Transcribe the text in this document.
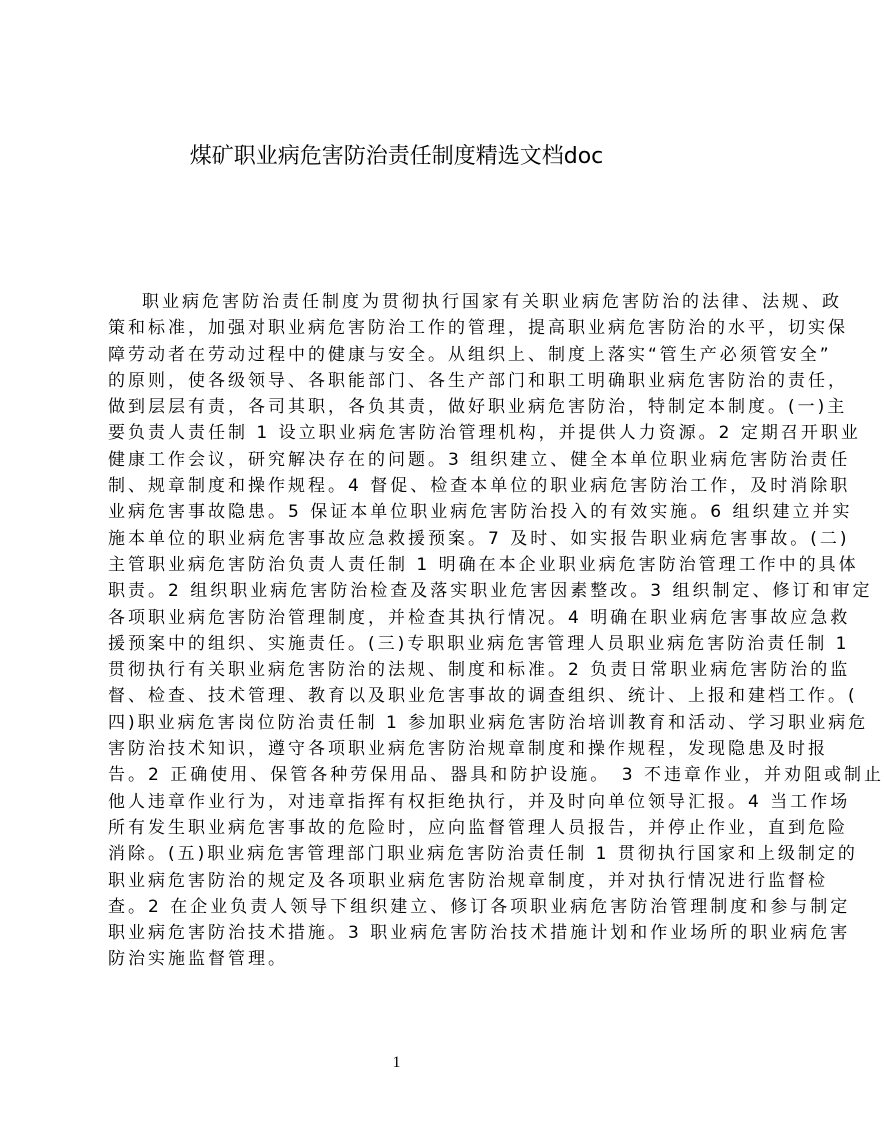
煤矿职业病危害防治责任制度精选文档doc
职业病危害防治责任制度为贯彻执行国家有关职业病危害防治的法律、法规、政
策和标准，加强对职业病危害防治工作的管理，提高职业病危害防治的水平，切实保
障劳动者在劳动过程中的健康与安全。从组织上、制度上落实“管生产必须管安全”
的原则，使各级领导、各职能部门、各生产部门和职工明确职业病危害防治的责任，
做到层层有责，各司其职，各负其责，做好职业病危害防治，特制定本制度。(一)主
要负责人责任制 1 设立职业病危害防治管理机构，并提供人力资源。2 定期召开职业
健康工作会议，研究解决存在的问题。3 组织建立、健全本单位职业病危害防治责任
制、规章制度和操作规程。4 督促、检查本单位的职业病危害防治工作，及时消除职
业病危害事故隐患。5 保证本单位职业病危害防治投入的有效实施。6 组织建立并实
施本单位的职业病危害事故应急救援预案。7 及时、如实报告职业病危害事故。(二)
主管职业病危害防治负责人责任制 1 明确在本企业职业病危害防治管理工作中的具体
职责。2 组织职业病危害防治检查及落实职业危害因素整改。3 组织制定、修订和审定
各项职业病危害防治管理制度，并检查其执行情况。4 明确在职业病危害事故应急救
援预案中的组织、实施责任。(三)专职职业病危害管理人员职业病危害防治责任制 1
贯彻执行有关职业病危害防治的法规、制度和标准。2 负责日常职业病危害防治的监
督、检查、技术管理、教育以及职业危害事故的调查组织、统计、上报和建档工作。(
四)职业病危害岗位防治责任制 1 参加职业病危害防治培训教育和活动、学习职业病危
害防治技术知识，遵守各项职业病危害防治规章制度和操作规程，发现隐患及时报
告。2 正确使用、保管各种劳保用品、器具和防护设施。　3 不违章作业，并劝阻或制止
他人违章作业行为，对违章指挥有权拒绝执行，并及时向单位领导汇报。4 当工作场
所有发生职业病危害事故的危险时，应向监督管理人员报告，并停止作业，直到危险
消除。(五)职业病危害管理部门职业病危害防治责任制 1 贯彻执行国家和上级制定的
职业病危害防治的规定及各项职业病危害防治规章制度，并对执行情况进行监督检
查。2 在企业负责人领导下组织建立、修订各项职业病危害防治管理制度和参与制定
职业病危害防治技术措施。3 职业病危害防治技术措施计划和作业场所的职业病危害
防治实施监督管理。
1
